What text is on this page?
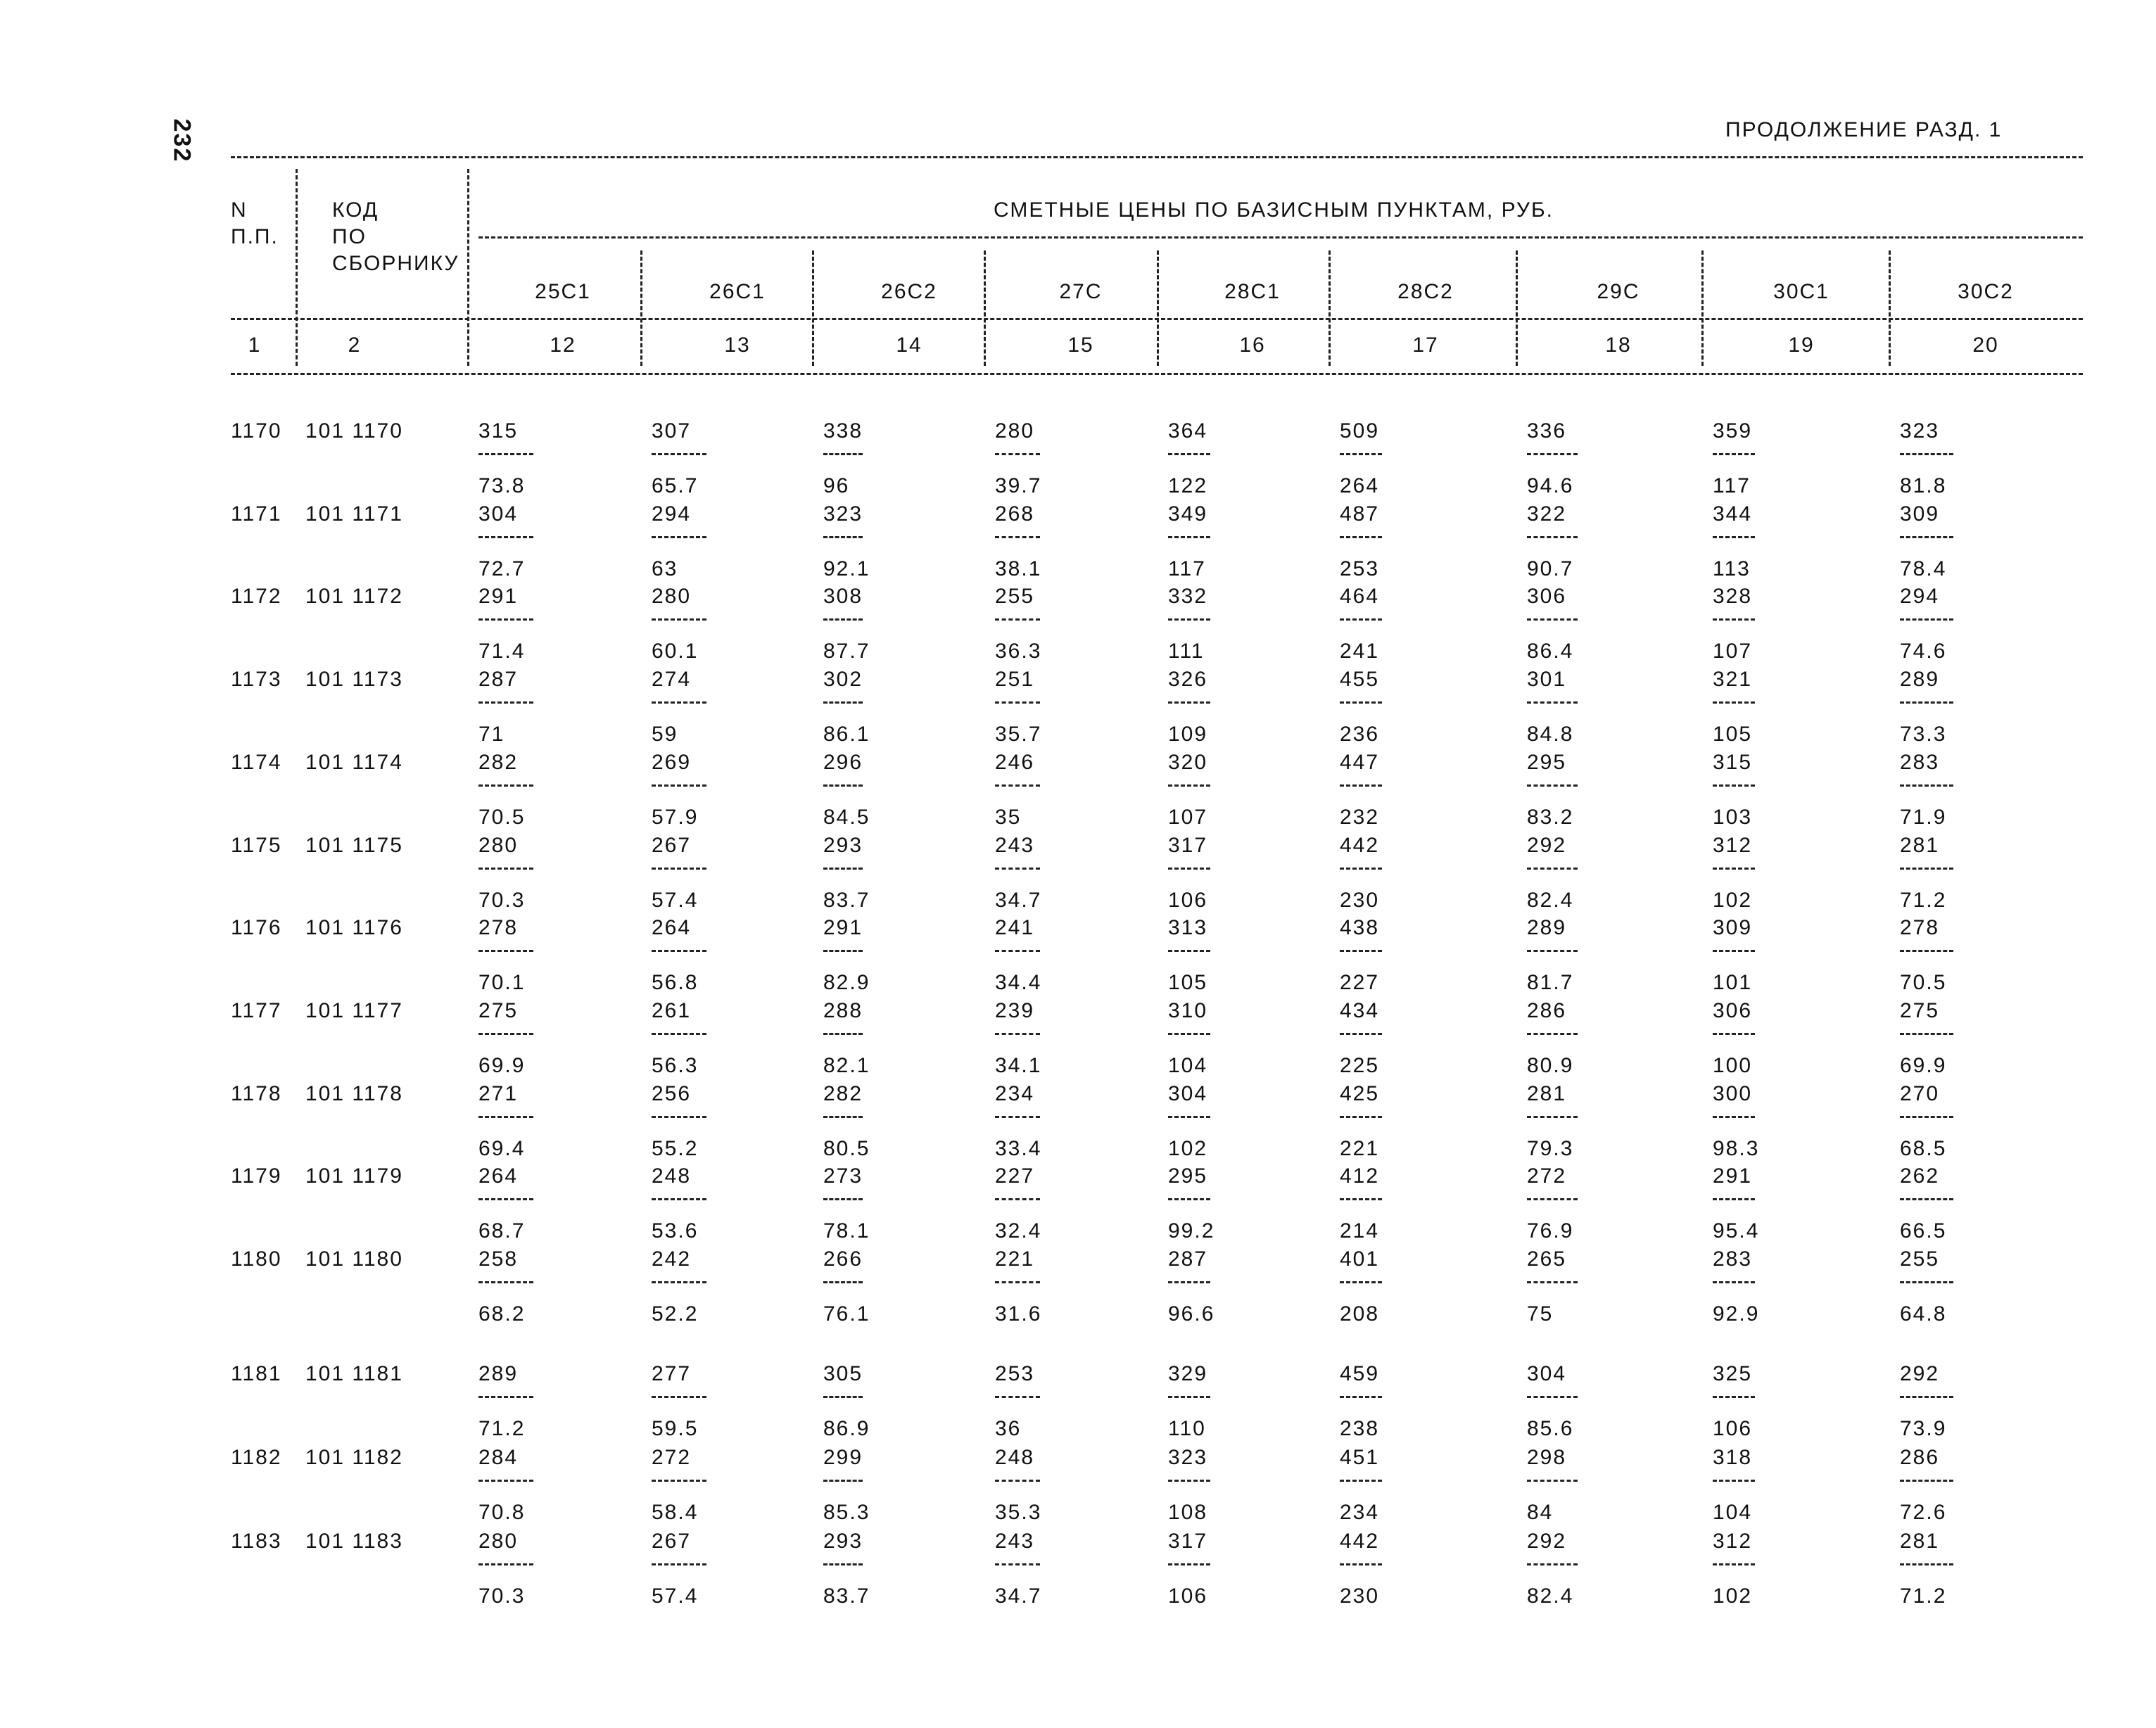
232	ПРОДОЛЖЕНИЕ РАЗД. 1
N
П.П.
КОД
ПО
СБОРНИКУ
СМЕТНЫЕ ЦЕНЫ ПО БАЗИСНЫМ ПУНКТАМ, РУБ.
25С1	26С1	26С2	27С	28С1	28С2	29С	30С1	30С2
1	2	12	13	14	15	16	17	18	19	20
1170 101 1170	315	307	338	280	364	509	336	359	323
73.8	65.7	96	39.7	122	264	94.6	117	81.8
1171 101 1171	304	294	323	268	349	487	322	344	309
72.7	63	92.1	38.1	117	253	90.7	113	78.4
1172 101 1172	291	280	308	255	332	464	306	328	294
71.4	60.1	87.7	36.3	111	241	86.4	107	74.6
1173 101 1173	287	274	302	251	326	455	301	321	289
71	59	86.1	35.7	109	236	84.8	105	73.3
1174 101 1174	282	269	296	246	320	447	295	315	283
70.5	57.9	84.5	35	107	232	83.2	103	71.9
1175 101 1175	280	267	293	243	317	442	292	312	281
70.3	57.4	83.7	34.7	106	230	82.4	102	71.2
1176 101 1176	278	264	291	241	313	438	289	309	278
70.1	56.8	82.9	34.4	105	227	81.7	101	70.5
1177 101 1177	275	261	288	239	310	434	286	306	275
69.9	56.3	82.1	34.1	104	225	80.9	100	69.9
1178 101 1178	271	256	282	234	304	425	281	300	270
69.4	55.2	80.5	33.4	102	221	79.3	98.3	68.5
1179 101 1179	264	248	273	227	295	412	272	291	262
68.7	53.6	78.1	32.4	99.2	214	76.9	95.4	66.5
1180 101 1180	258	242	266	221	287	401	265	283	255
68.2	52.2	76.1	31.6	96.6	208	75	92.9	64.8
1181 101 1181	289	277	305	253	329	459	304	325	292
71.2	59.5	86.9	36	110	238	85.6	106	73.9
1182 101 1182	284	272	299	248	323	451	298	318	286
70.8	58.4	85.3	35.3	108	234	84	104	72.6
1183 101 1183	280	267	293	243	317	442	292	312	281
70.3	57.4	83.7	34.7	106	230	82.4	102	71.2
